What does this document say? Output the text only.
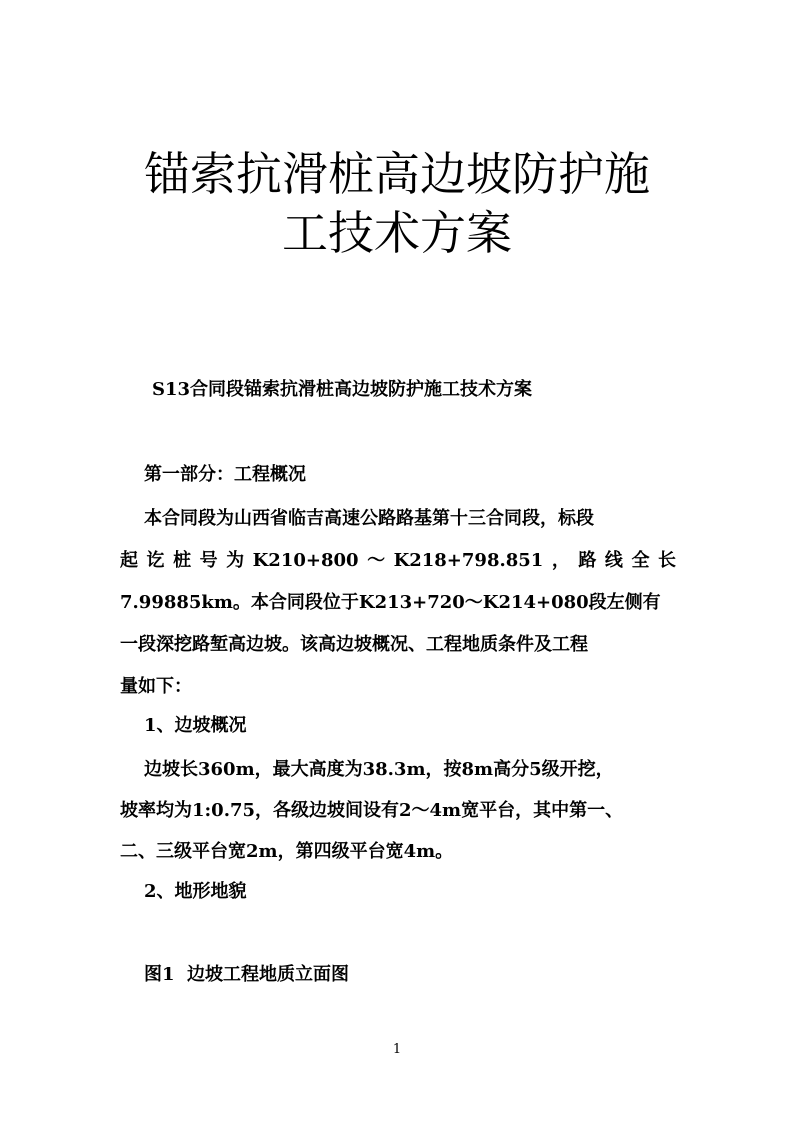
锚索抗滑桩高边坡防护施
工技术方案
S13合同段锚索抗滑桩高边坡防护施工技术方案
第一部分：工程概况
本合同段为山西省临吉高速公路路基第十三合同段，标段
起 讫 桩 号 为 K210+800 ～ K218+798.851 ， 路 线 全 长
7.99885km。本合同段位于K213+720～K214+080段左侧有
一段深挖路堑高边坡。该高边坡概况、工程地质条件及工程
量如下：
1、边坡概况
边坡长360m，最大高度为38.3m，按8m高分5级开挖，
坡率均为1:0.75，各级边坡间设有2～4m宽平台，其中第一、
二、三级平台宽2m，第四级平台宽4m。
2、地形地貌
图1  边坡工程地质立面图
1
